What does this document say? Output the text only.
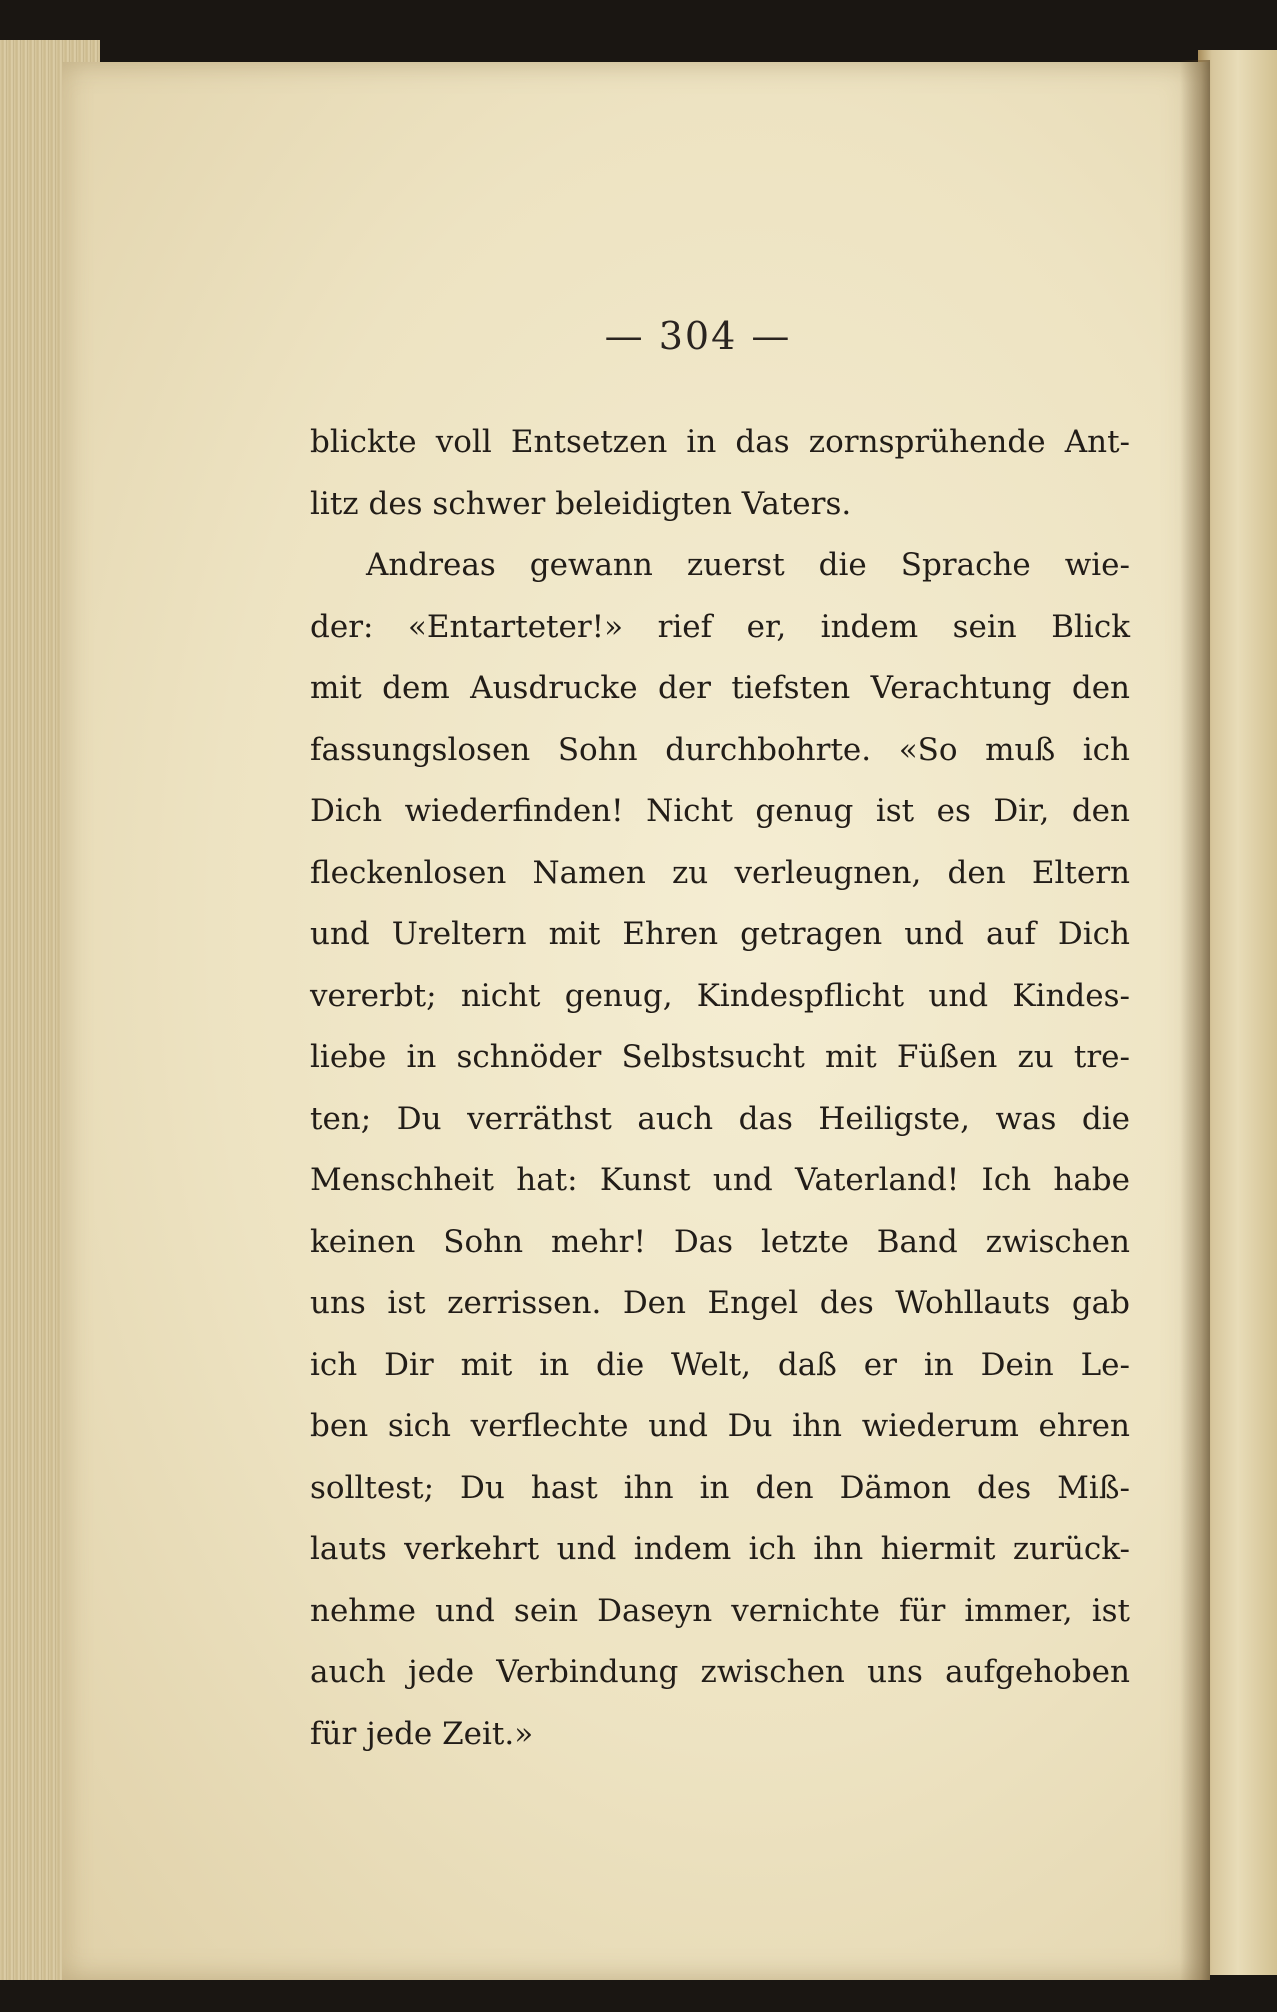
— 304 —
blickte voll Entsetzen in das zornsprühende Ant-
litz des schwer beleidigten Vaters.
Andreas gewann zuerst die Sprache wie-
der: «Entarteter!» rief er, indem sein Blick
mit dem Ausdrucke der tiefsten Verachtung den
fassungslosen Sohn durchbohrte. «So muß ich
Dich wiederfinden! Nicht genug ist es Dir, den
fleckenlosen Namen zu verleugnen, den Eltern
und Ureltern mit Ehren getragen und auf Dich
vererbt; nicht genug, Kindespflicht und Kindes-
liebe in schnöder Selbstsucht mit Füßen zu tre-
ten; Du verräthst auch das Heiligste, was die
Menschheit hat: Kunst und Vaterland! Ich habe
keinen Sohn mehr! Das letzte Band zwischen
uns ist zerrissen. Den Engel des Wohllauts gab
ich Dir mit in die Welt, daß er in Dein Le-
ben sich verflechte und Du ihn wiederum ehren
solltest; Du hast ihn in den Dämon des Miß-
lauts verkehrt und indem ich ihn hiermit zurück-
nehme und sein Daseyn vernichte für immer, ist
auch jede Verbindung zwischen uns aufgehoben
für jede Zeit.»
